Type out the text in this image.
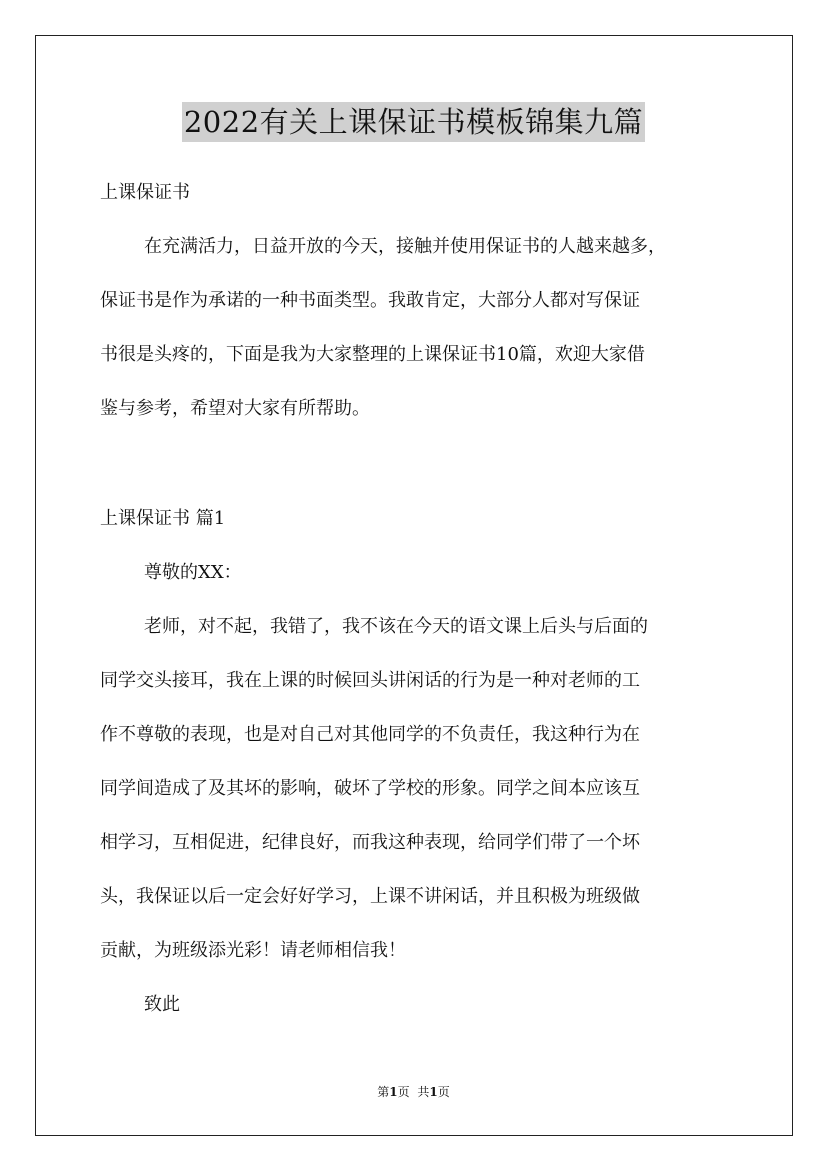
2022有关上课保证书模板锦集九篇

上课保证书

在充满活力，日益开放的今天，接触并使用保证书的人越来越多，

保证书是作为承诺的一种书面类型。我敢肯定，大部分人都对写保证

书很是头疼的，下面是我为大家整理的上课保证书10篇，欢迎大家借

鉴与参考，希望对大家有所帮助。

上课保证书 篇1

尊敬的XX：

老师，对不起，我错了，我不该在今天的语文课上后头与后面的

同学交头接耳，我在上课的时候回头讲闲话的行为是一种对老师的工

作不尊敬的表现，也是对自己对其他同学的不负责任，我这种行为在

同学间造成了及其坏的影响，破坏了学校的形象。同学之间本应该互

相学习，互相促进，纪律良好，而我这种表现，给同学们带了一个坏

头，我保证以后一定会好好学习，上课不讲闲话，并且积极为班级做

贡献，为班级添光彩！请老师相信我！

致此

第1页 共1页
